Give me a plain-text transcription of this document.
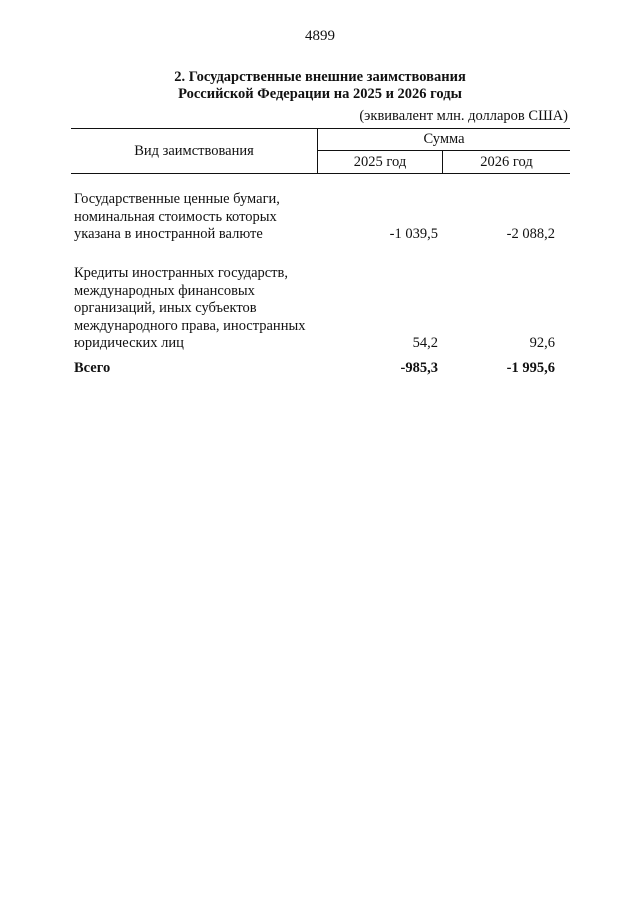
4899
2. Государственные внешние заимствования
Российской Федерации на 2025 и 2026 годы
(эквивалент млн. долларов США)
Вид заимствования
Сумма
2025 год	2026 год
Государственные ценные бумаги,
номинальная стоимость которых
указана в иностранной валюте	-1 039,5	-2 088,2
Кредиты иностранных государств,
международных финансовых
организаций, иных субъектов
международного права, иностранных
юридических лиц	54,2	92,6
Всего	-985,3	-1 995,6
